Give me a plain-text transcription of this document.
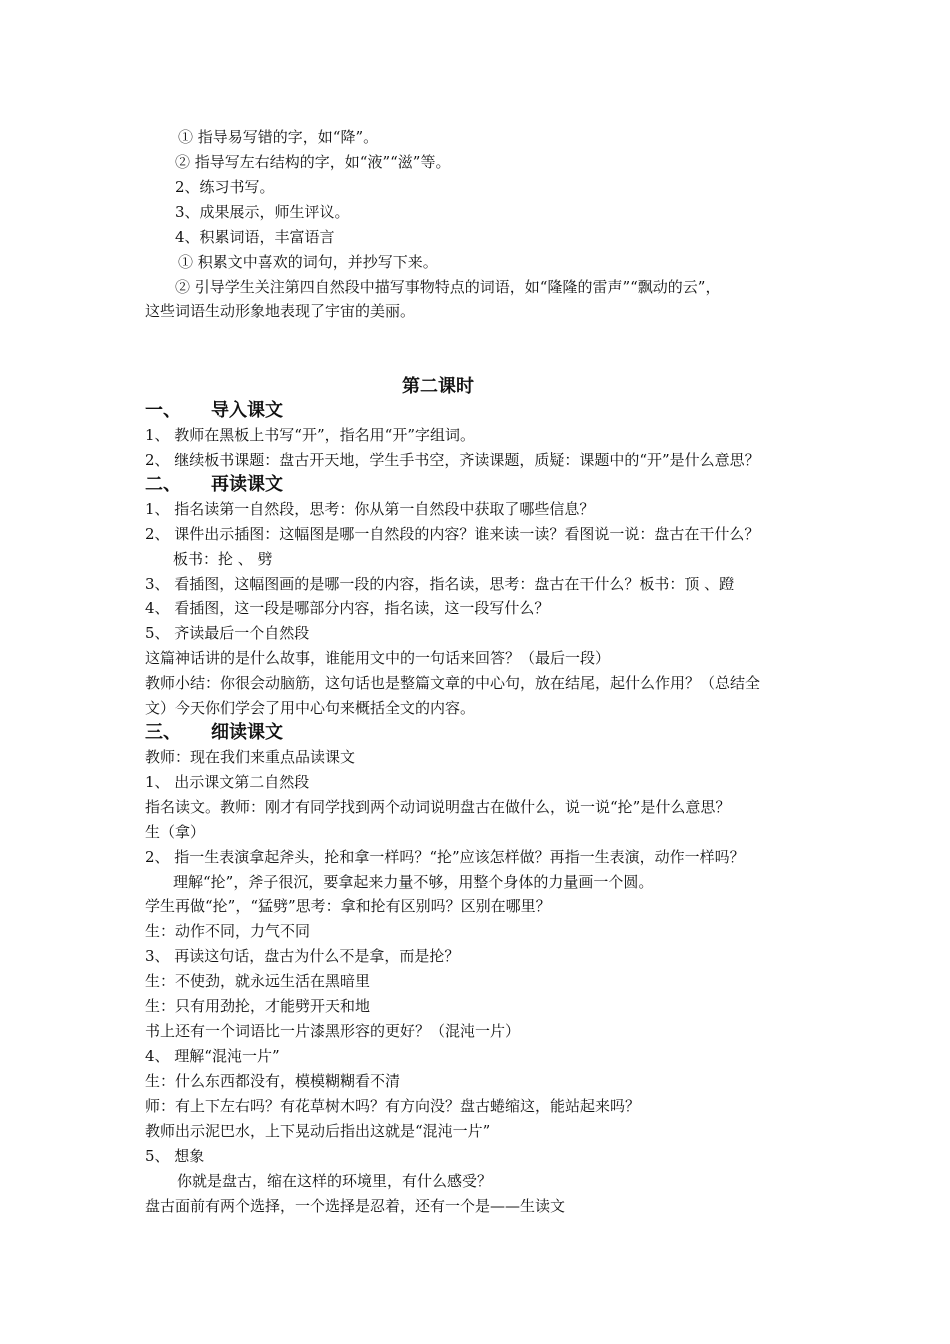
① 指导易写错的字，如“降”。
② 指导写左右结构的字，如“液”“滋”等。
2、练习书写。
3、成果展示，师生评议。
4、积累词语，丰富语言
① 积累文中喜欢的词句，并抄写下来。
② 引导学生关注第四自然段中描写事物特点的词语，如“隆隆的雷声”“飘动的云”，
这些词语生动形象地表现了宇宙的美丽。
第二课时
一、 导入课文
1、 教师在黑板上书写“开”，指名用“开”字组词。
2、 继续板书课题：盘古开天地，学生手书空，齐读课题，质疑：课题中的“开”是什么意思？
二、 再读课文
1、 指名读第一自然段，思考：你从第一自然段中获取了哪些信息？
2、 课件出示插图：这幅图是哪一自然段的内容？谁来读一读？看图说一说：盘古在干什么？
板书：抡 、 劈
3、 看插图，这幅图画的是哪一段的内容，指名读，思考：盘古在干什么？板书：顶 、蹬
4、 看插图，这一段是哪部分内容，指名读，这一段写什么？
5、 齐读最后一个自然段
这篇神话讲的是什么故事，谁能用文中的一句话来回答？（最后一段）
教师小结：你很会动脑筋，这句话也是整篇文章的中心句，放在结尾，起什么作用？（总结全
文）今天你们学会了用中心句来概括全文的内容。
三、 细读课文
教师：现在我们来重点品读课文
1、 出示课文第二自然段
指名读文。教师：刚才有同学找到两个动词说明盘古在做什么，说一说“抡”是什么意思？
生（拿）
2、 指一生表演拿起斧头，抡和拿一样吗？“抡”应该怎样做？再指一生表演，动作一样吗？
理解“抡”，斧子很沉，要拿起来力量不够，用整个身体的力量画一个圆。
学生再做“抡”，“猛劈”思考：拿和抡有区别吗？区别在哪里？
生：动作不同，力气不同
3、 再读这句话，盘古为什么不是拿，而是抡？
生：不使劲，就永远生活在黑暗里
生：只有用劲抡，才能劈开天和地
书上还有一个词语比一片漆黑形容的更好？（混沌一片）
4、 理解“混沌一片”
生：什么东西都没有，模模糊糊看不清
师：有上下左右吗？有花草树木吗？有方向没？盘古蜷缩这，能站起来吗？
教师出示泥巴水，上下晃动后指出这就是“混沌一片”
5、 想象
你就是盘古，缩在这样的环境里，有什么感受？
盘古面前有两个选择，一个选择是忍着，还有一个是——生读文
